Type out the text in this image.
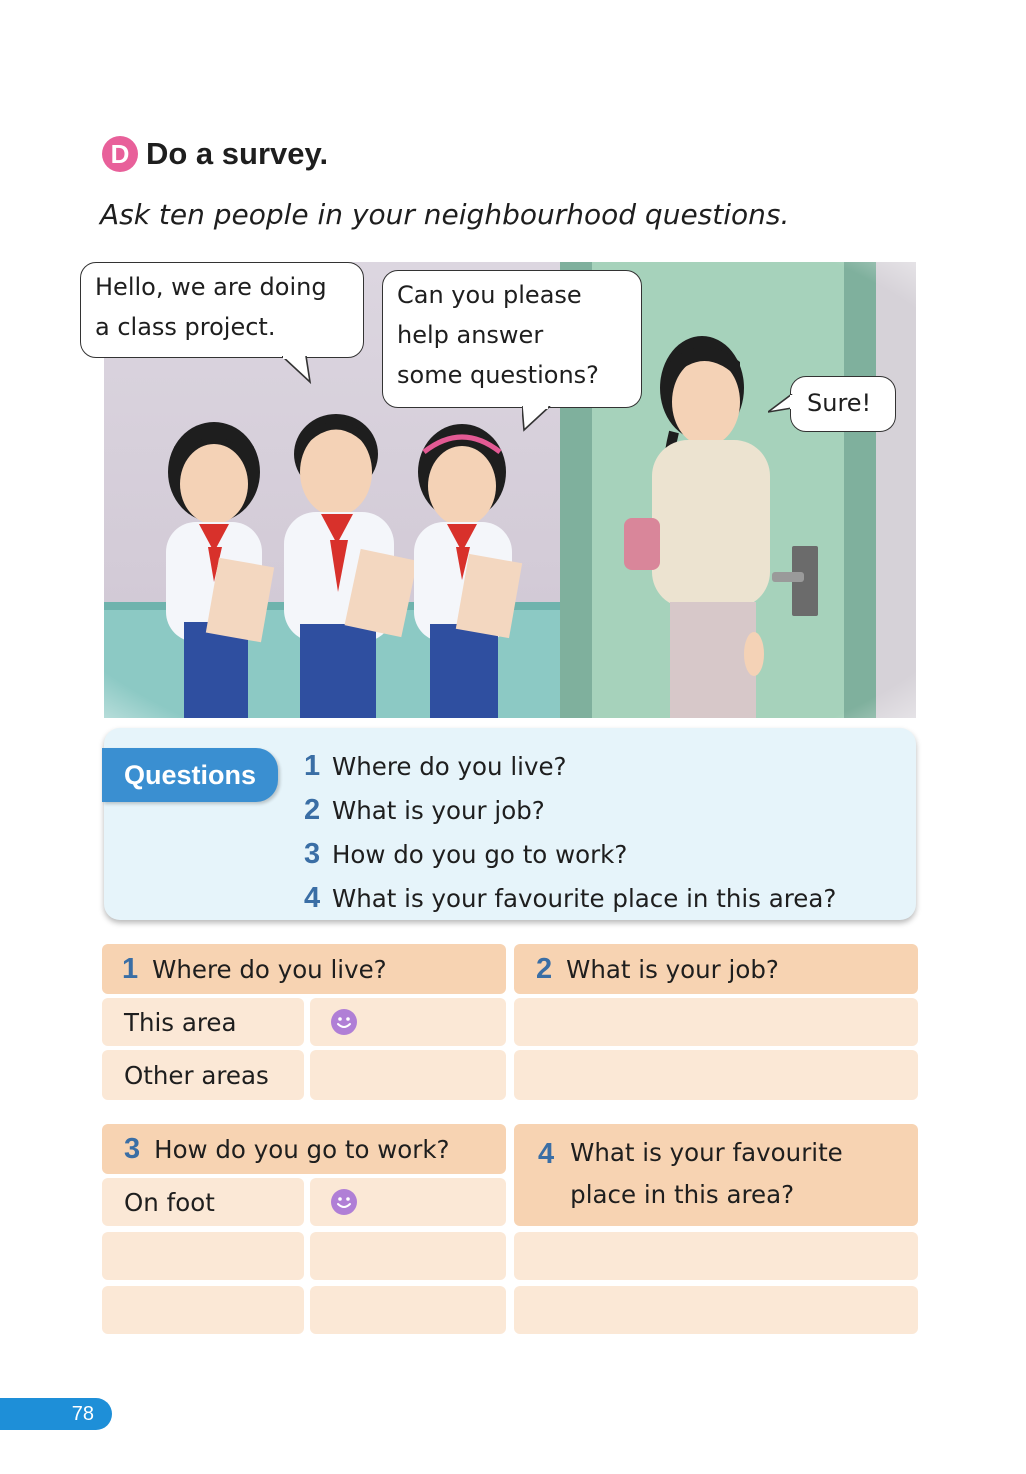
D Do a survey.
Ask ten people in your neighbourhood questions.
Hello, we are doing
a class project.
Can you please
help answer
some questions?
Sure!
Questions	1 Where do you live?
2 What is your job?
3 How do you go to work?
4 What is your favourite place in this area?
1 Where do you live?
This area
Other areas
2 What is your job?
3 How do you go to work?
On foot
4 What is your favourite
place in this area?
78
